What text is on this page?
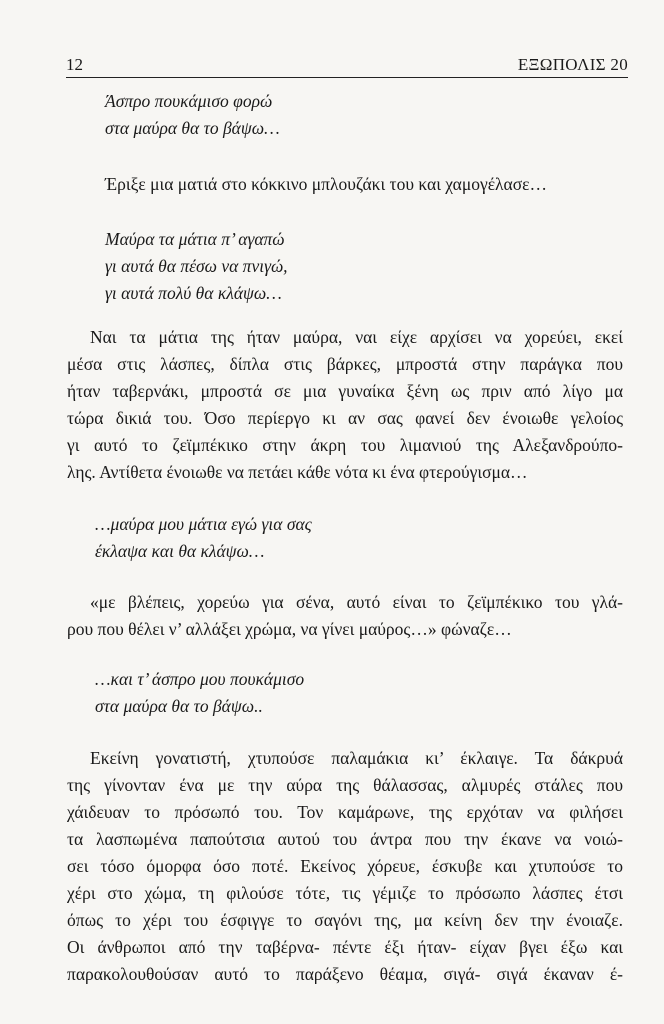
12	ΕΞΩΠΟΛΙΣ 20
Άσπρο πουκάμισο φορώ
στα μαύρα θα το βάψω…
Έριξε μια ματιά στο κόκκινο μπλουζάκι του και χαμογέλασε…
Μαύρα τα μάτια π’ αγαπώ
γι αυτά θα πέσω να πνιγώ,
γι αυτά πολύ θα κλάψω…
Ναι τα μάτια της ήταν μαύρα, ναι είχε αρχίσει να χορεύει, εκεί
μέσα στις λάσπες, δίπλα στις βάρκες, μπροστά στην παράγκα που
ήταν ταβερνάκι, μπροστά σε μια γυναίκα ξένη ως πριν από λίγο μα
τώρα δικιά του. Όσο περίεργο κι αν σας φανεί δεν ένοιωθε γελοίος
γι αυτό το ζεϊμπέκικο στην άκρη του λιμανιού της Αλεξανδρούπο-
λης. Αντίθετα ένοιωθε να πετάει κάθε νότα κι ένα φτερούγισμα…
…μαύρα μου μάτια εγώ για σας
έκλαψα και θα κλάψω…
«με βλέπεις, χορεύω για σένα, αυτό είναι το ζεϊμπέκικο του γλά-
ρου που θέλει ν’ αλλάξει χρώμα, να γίνει μαύρος…» φώναζε…
…και τ’ άσπρο μου πουκάμισο
στα μαύρα θα το βάψω..
Εκείνη γονατιστή, χτυπούσε παλαμάκια κι’ έκλαιγε. Τα δάκρυά
της γίνονταν ένα με την αύρα της θάλασσας, αλμυρές στάλες που
χάιδευαν το πρόσωπό του. Τον καμάρωνε, της ερχόταν να φιλήσει
τα λασπωμένα παπούτσια αυτού του άντρα που την έκανε να νοιώ-
σει τόσο όμορφα όσο ποτέ. Εκείνος χόρευε, έσκυβε και χτυπούσε το
χέρι στο χώμα, τη φιλούσε τότε, τις γέμιζε το πρόσωπο λάσπες έτσι
όπως το χέρι του έσφιγγε το σαγόνι της, μα κείνη δεν την ένοιαζε.
Οι άνθρωποι από την ταβέρνα- πέντε έξι ήταν- είχαν βγει έξω και
παρακολουθούσαν αυτό το παράξενο θέαμα, σιγά- σιγά έκαναν έ-
